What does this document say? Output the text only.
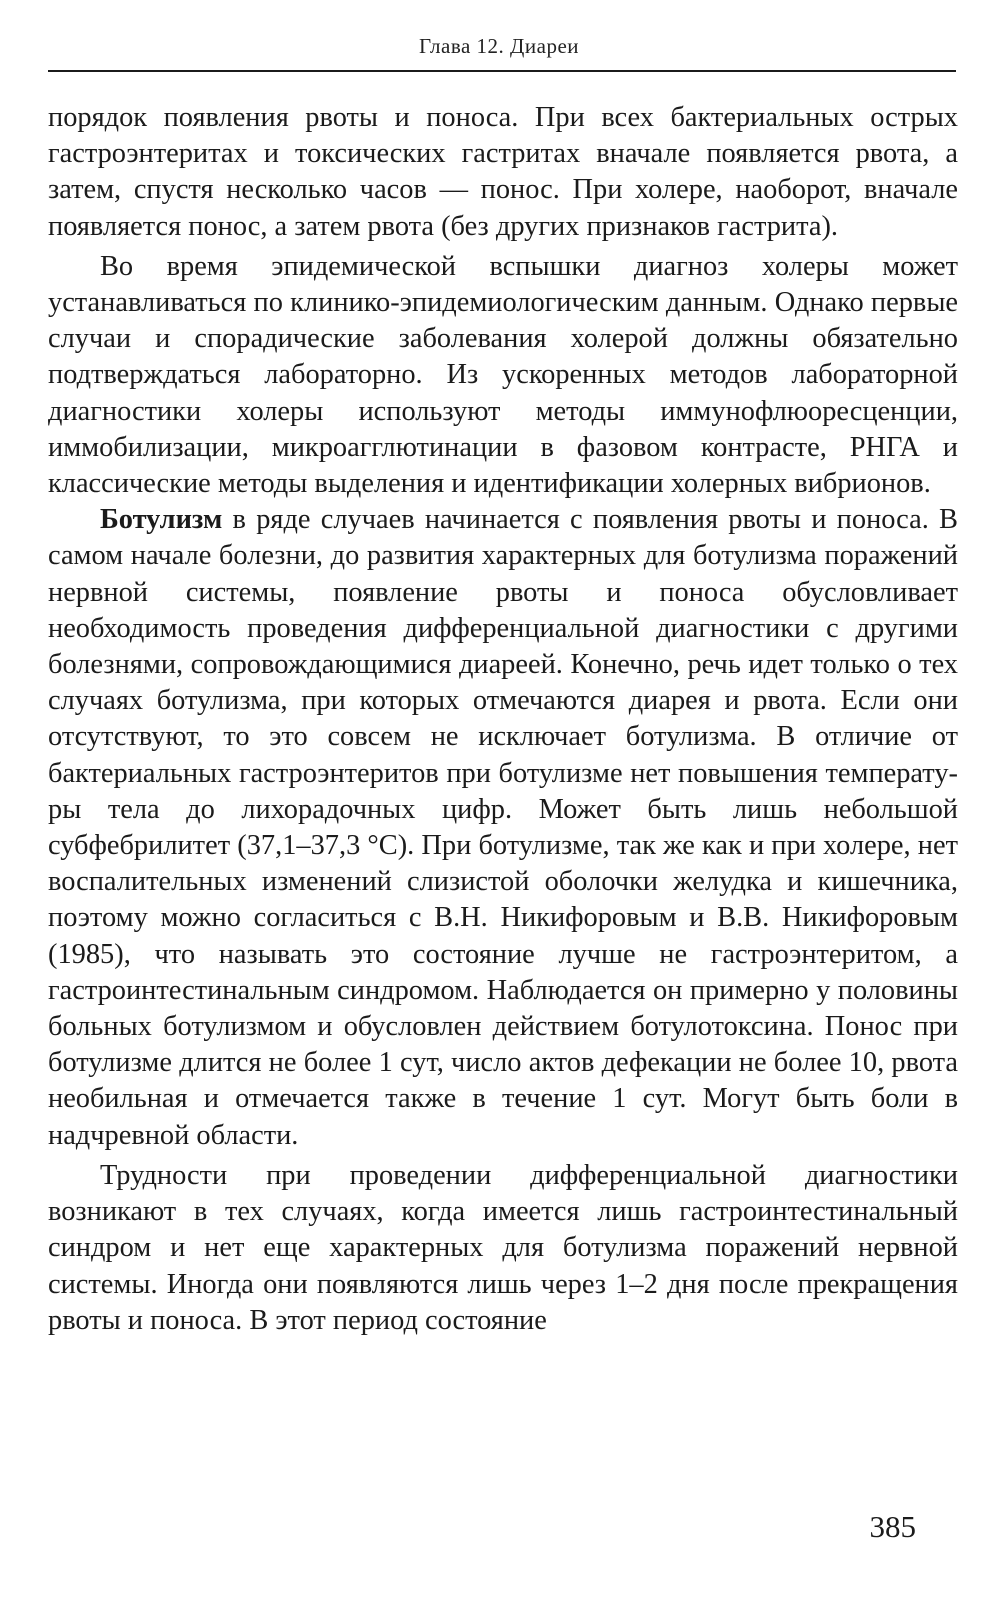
Глава 12. Диареи

порядок появления рвоты и поноса. При всех бактериальных острых гастроэнтеритах и токсических гастритах вначале появляется рвота, а затем, спустя несколько часов — понос. При холере, наоборот, вначале появляется понос, а затем рвота (без других признаков гастрита).

Во время эпидемической вспышки диагноз холеры может устанавливаться по клинико-эпидемиологическим данным. Однако первые случаи и спорадические заболевания холерой должны обязательно подтверждаться лабораторно. Из ускоренных методов лабораторной диагностики холеры используют методы иммунофлюоресценции, иммобилизации, микроагглютинации в фазовом контрасте, РНГА и классические методы выделения и идентификации холерных вибрионов.

Ботулизм в ряде случаев начинается с появления рвоты и поноса. В самом начале болезни, до развития характерных для ботулизма поражений нервной системы, появление рвоты и поноса обусловливает необходимость проведения дифференциальной диагностики с другими болезнями, сопровождающимися диареей. Конечно, речь идет только о тех случаях ботулизма, при которых отмечаются диарея и рвота. Если они отсутствуют, то это совсем не исключает ботулизма. В отличие от бактериальных гастроэнтеритов при ботулизме нет повышения температуры тела до лихорадочных цифр. Может быть лишь небольшой субфебрилитет (37,1–37,3 °С). При ботулизме, так же как и при холере, нет воспалительных изменений слизистой оболочки желудка и кишечника, поэтому можно согласиться с В.Н. Никифоровым и В.В. Никифоровым (1985), что называть это состояние лучше не гастроэнтеритом, а гастроинтестинальным синдромом. Наблюдается он примерно у половины больных ботулизмом и обусловлен действием ботулотоксина. Понос при ботулизме длится не более 1 сут, число актов дефекации не более 10, рвота необильная и отмечается также в течение 1 сут. Могут быть боли в надчревной области.

Трудности при проведении дифференциальной диагностики возникают в тех случаях, когда имеется лишь гастроинтестинальный синдром и нет еще характерных для ботулизма поражений нервной системы. Иногда они появляются лишь через 1–2 дня после прекращения рвоты и поноса. В этот период состояние

385
